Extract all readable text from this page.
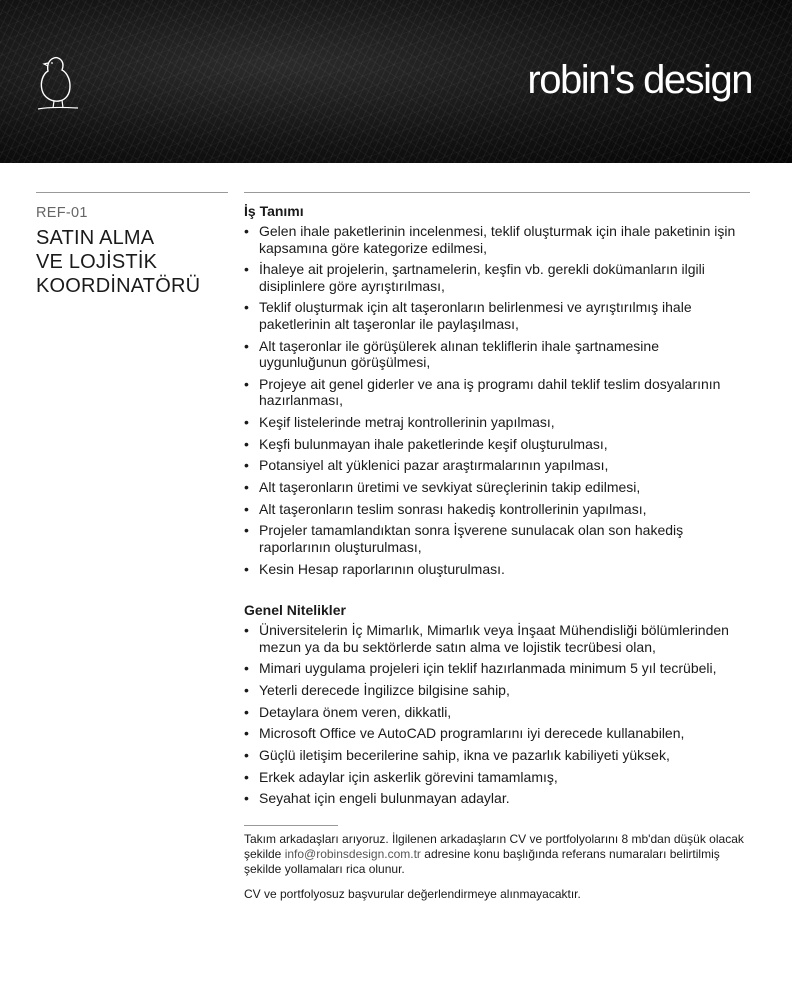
robin's design
REF-01
SATIN ALMA
VE LOJİSTİK
KOORDİNATÖRÜ
İş Tanımı
• Gelen ihale paketlerinin incelenmesi, teklif oluşturmak için ihale paketinin işin kapsamına göre kategorize edilmesi,
• İhaleye ait projelerin, şartnamelerin, keşfin vb. gerekli dokümanların ilgili disiplinlere göre ayrıştırılması,
• Teklif oluşturmak için alt taşeronların belirlenmesi ve ayrıştırılmış ihale paketlerinin alt taşeronlar ile paylaşılması,
• Alt taşeronlar ile görüşülerek alınan tekliflerin ihale şartnamesine uygunluğunun görüşülmesi,
• Projeye ait genel giderler ve ana iş programı dahil teklif teslim dosyalarının hazırlanması,
• Keşif listelerinde metraj kontrollerinin yapılması,
• Keşfi bulunmayan ihale paketlerinde keşif oluşturulması,
• Potansiyel alt yüklenici pazar araştırmalarının yapılması,
• Alt taşeronların üretimi ve sevkiyat süreçlerinin takip edilmesi,
• Alt taşeronların teslim sonrası hakediş kontrollerinin yapılması,
• Projeler tamamlandıktan sonra İşverene sunulacak olan son hakediş raporlarının oluşturulması,
• Kesin Hesap raporlarının oluşturulması.
Genel Nitelikler
• Üniversitelerin İç Mimarlık, Mimarlık veya İnşaat Mühendisliği bölümlerinden mezun ya da bu sektörlerde satın alma ve lojistik tecrübesi olan,
• Mimari uygulama projeleri için teklif hazırlanmada minimum 5 yıl tecrübeli,
• Yeterli derecede İngilizce bilgisine sahip,
• Detaylara önem veren, dikkatli,
• Microsoft Office ve AutoCAD programlarını iyi derecede kullanabilen,
• Güçlü iletişim becerilerine sahip, ikna ve pazarlık kabiliyeti yüksek,
• Erkek adaylar için askerlik görevini tamamlamış,
• Seyahat için engeli bulunmayan adaylar.
Takım arkadaşları arıyoruz. İlgilenen arkadaşların CV ve portfolyolarını 8 mb'dan düşük olacak şekilde info@robinsdesign.com.tr adresine konu başlığında referans numaraları belirtilmiş şekilde yollamaları rica olunur.
CV ve portfolyosuz başvurular değerlendirmeye alınmayacaktır.
